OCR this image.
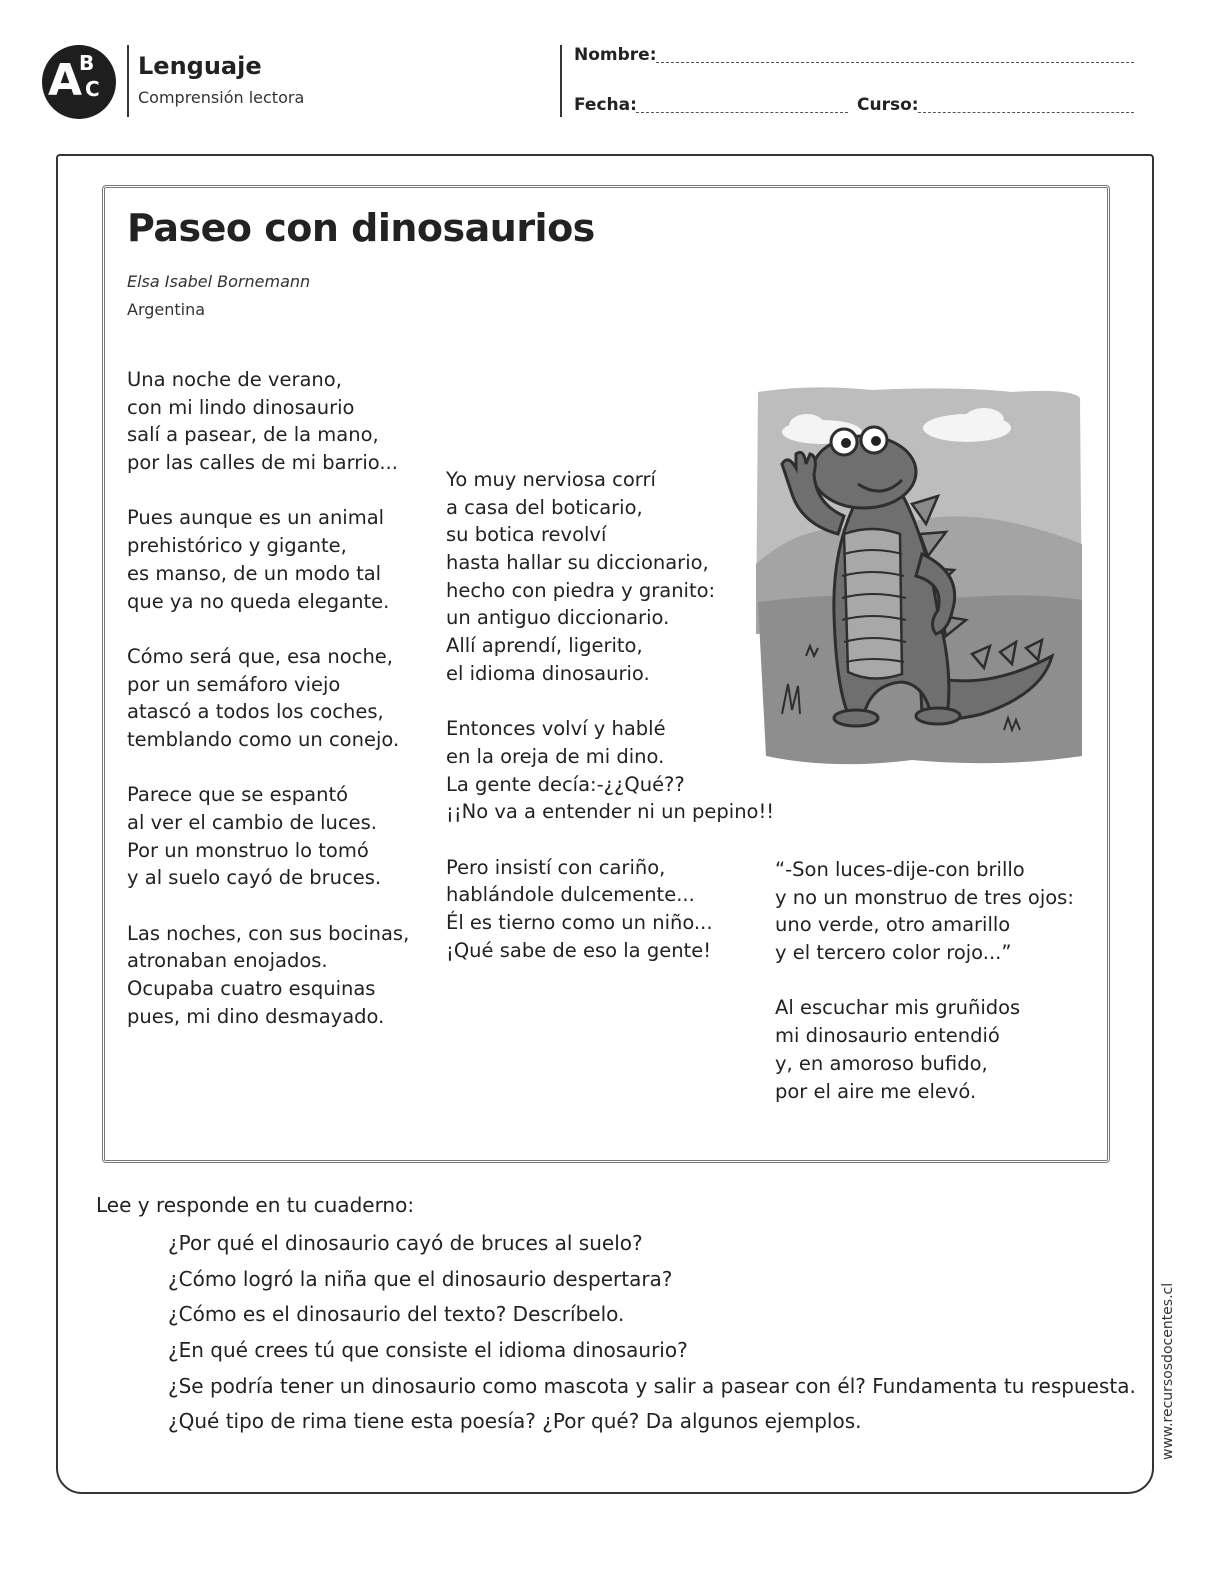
A
B
C
Lenguaje
Comprensión lectora
Nombre:
Fecha:	Curso:
Paseo con dinosaurios
Elsa Isabel Bornemann
Argentina
Una noche de verano,
con mi lindo dinosaurio
salí a pasear, de la mano,
por las calles de mi barrio...
Pues aunque es un animal
prehistórico y gigante,
es manso, de un modo tal
que ya no queda elegante.
Cómo será que, esa noche,
por un semáforo viejo
atascó a todos los coches,
temblando como un conejo.
Parece que se espantó
al ver el cambio de luces.
Por un monstruo lo tomó
y al suelo cayó de bruces.
Las noches, con sus bocinas,
atronaban enojados.
Ocupaba cuatro esquinas
pues, mi dino desmayado.
Yo muy nerviosa corrí
a casa del boticario,
su botica revolví
hasta hallar su diccionario,
hecho con piedra y granito:
un antiguo diccionario.
Allí aprendí, ligerito,
el idioma dinosaurio.
Entonces volví y hablé
en la oreja de mi dino.
La gente decía:-¿¿Qué??
¡¡No va a entender ni un pepino!!
Pero insistí con cariño,
hablándole dulcemente...
Él es tierno como un niño...
¡Qué sabe de eso la gente!
“-Son luces-dije-con brillo
y no un monstruo de tres ojos:
uno verde, otro amarillo
y el tercero color rojo...”
Al escuchar mis gruñidos
mi dinosaurio entendió
y, en amoroso bufido,
por el aire me elevó.
Lee y responde en tu cuaderno:
¿Por qué el dinosaurio cayó de bruces al suelo?
¿Cómo logró la niña que el dinosaurio despertara?
¿Cómo es el dinosaurio del texto? Descríbelo.
¿En qué crees tú que consiste el idioma dinosaurio?
¿Se podría tener un dinosaurio como mascota y salir a pasear con él? Fundamenta tu respuesta.
¿Qué tipo de rima tiene esta poesía? ¿Por qué? Da algunos ejemplos.	www.recursosdocentes.cl
